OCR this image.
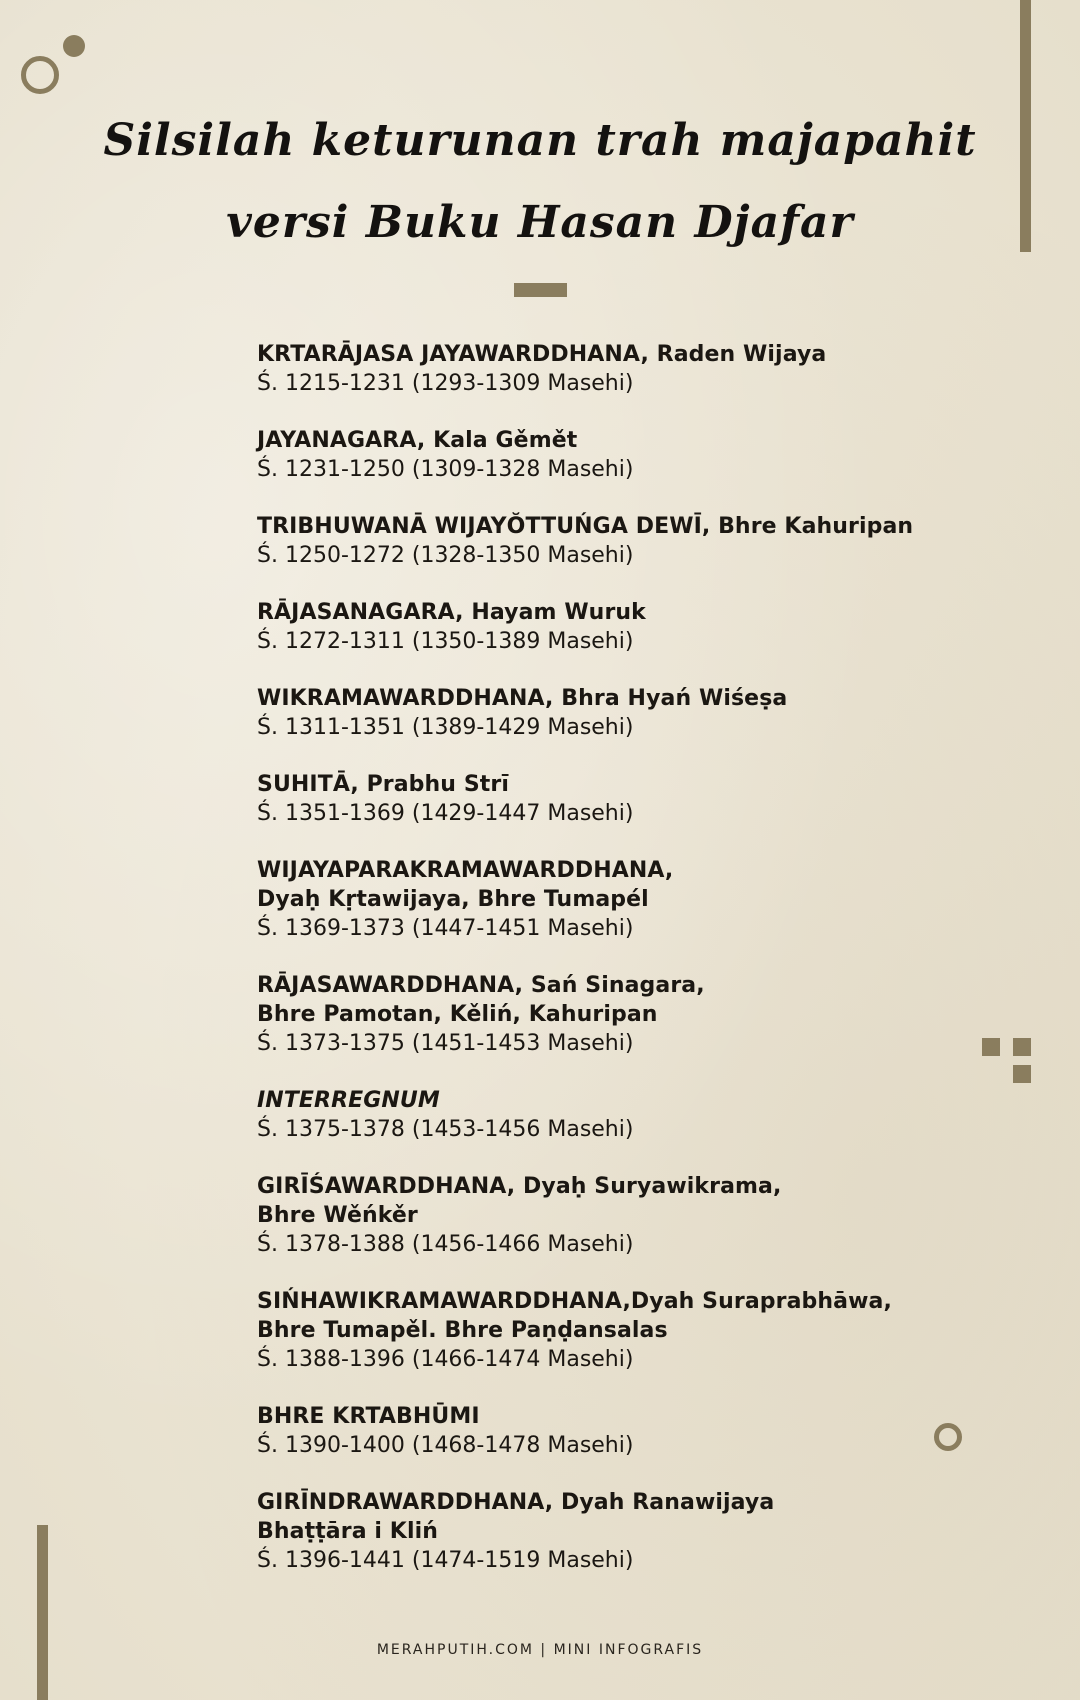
Silsilah keturunan trah majapahit
versi Buku Hasan Djafar
KRTARĀJASA JAYAWARDDHANA, Raden Wijaya
Ś. 1215-1231 (1293-1309 Masehi)
JAYANAGARA, Kala Gěmět
Ś. 1231-1250 (1309-1328 Masehi)
TRIBHUWANĀ WIJAYŎTTUŃGA DEWĪ, Bhre Kahuripan
Ś. 1250-1272 (1328-1350 Masehi)
RĀJASANAGARA, Hayam Wuruk
Ś. 1272-1311 (1350-1389 Masehi)
WIKRAMAWARDDHANA, Bhra Hyań Wiśeṣa
Ś. 1311-1351 (1389-1429 Masehi)
SUHITĀ, Prabhu Strī
Ś. 1351-1369 (1429-1447 Masehi)
WIJAYAPARAKRAMAWARDDHANA,
Dyaḥ Kṛtawijaya, Bhre Tumapél
Ś. 1369-1373 (1447-1451 Masehi)
RĀJASAWARDDHANA, Sań Sinagara,
Bhre Pamotan, Kěliń, Kahuripan
Ś. 1373-1375 (1451-1453 Masehi)
INTERREGNUM
Ś. 1375-1378 (1453-1456 Masehi)
GIRĪŚAWARDDHANA, Dyaḥ Suryawikrama,
Bhre Wěńkěr
Ś. 1378-1388 (1456-1466 Masehi)
SIŃHAWIKRAMAWARDDHANA,Dyah Suraprabhāwa,
Bhre Tumapěl. Bhre Paṇḍansalas
Ś. 1388-1396 (1466-1474 Masehi)
BHRE KRTABHŪMI
Ś. 1390-1400 (1468-1478 Masehi)
GIRĪNDRAWARDDHANA, Dyah Ranawijaya
Bhaṭṭāra i Kliń
Ś. 1396-1441 (1474-1519 Masehi)
MERAHPUTIH.COM | MINI INFOGRAFIS
